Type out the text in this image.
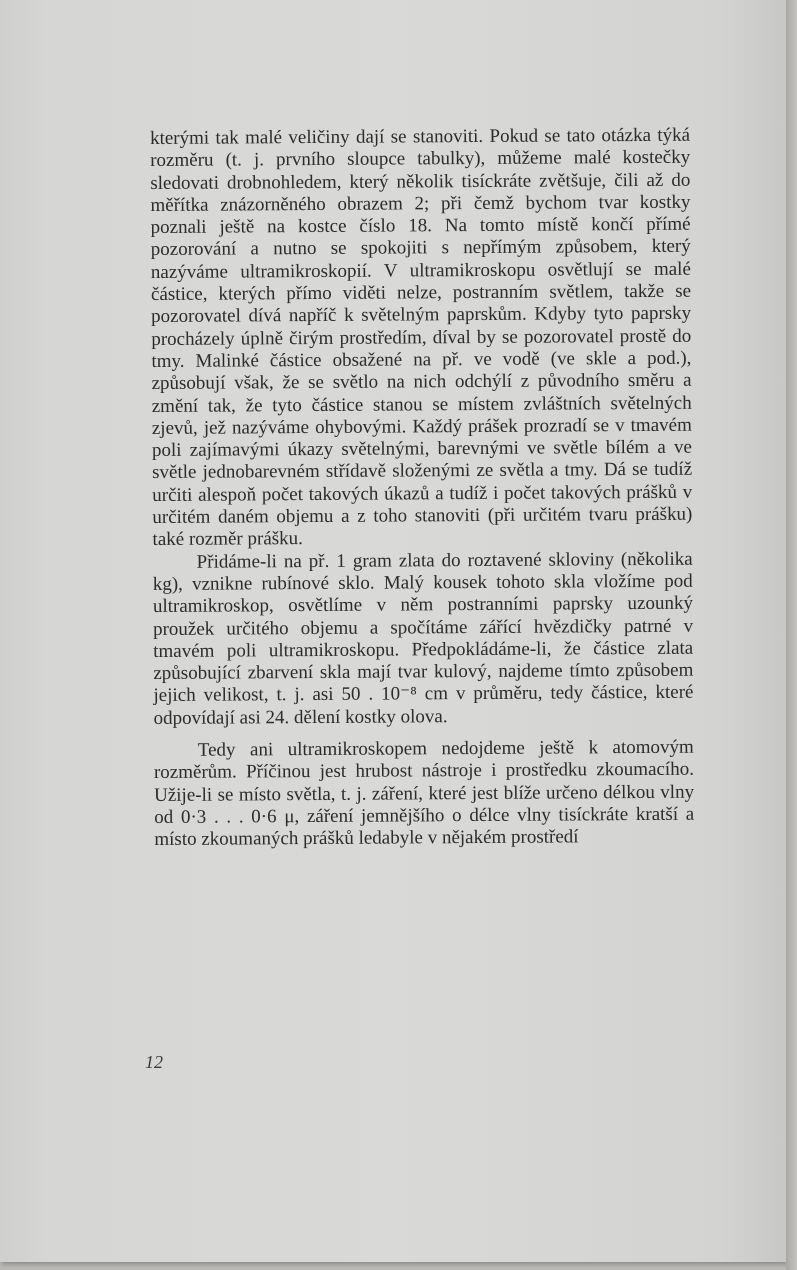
kterými tak malé veličiny dají se stanoviti. Pokud se tato otázka týká rozměru (t. j. prvního sloupce tabulky), můžeme malé kostečky sledovati drobnohledem, který několik tisíckráte zvětšuje, čili až do měřítka znázorněného obrazem 2; při čemž bychom tvar kostky poznali ještě na kostce číslo 18. Na tomto místě končí přímé pozorování a nutno se spokojiti s nepřímým způsobem, který nazýváme ultramikroskopií. V ultramikroskopu osvětlují se malé částice, kterých přímo viděti nelze, postranním světlem, takže se pozorovatel dívá napříč k světelným paprskům. Kdyby tyto paprsky procházely úplně čirým prostředím, díval by se pozorovatel prostě do tmy. Malinké částice obsažené na př. ve vodě (ve skle a pod.), způsobují však, že se světlo na nich odchýlí z původního směru a změní tak, že tyto částice stanou se místem zvláštních světelných zjevů, jež nazýváme ohybovými. Každý prášek prozradí se v tmavém poli zajímavými úkazy světelnými, barevnými ve světle bílém a ve světle jednobarevném střídavě složenými ze světla a tmy. Dá se tudíž určiti alespoň počet takových úkazů a tudíž i počet takových prášků v určitém daném objemu a z toho stanoviti (při určitém tvaru prášku) také rozměr prášku.

Přidáme-li na př. 1 gram zlata do roztavené skloviny (několika kg), vznikne rubínové sklo. Malý kousek tohoto skla vložíme pod ultramikroskop, osvětlíme v něm postranními paprsky uzounký proužek určitého objemu a spočítáme zářící hvězdičky patrné v tmavém poli ultramikroskopu. Předpokládáme-li, že částice zlata způsobující zbarvení skla mají tvar kulový, najdeme tímto způsobem jejich velikost, t. j. asi 50 . 10⁻⁸ cm v průměru, tedy částice, které odpovídají asi 24. dělení kostky olova.

Tedy ani ultramikroskopem nedojdeme ještě k atomovým rozměrům. Příčinou jest hrubost nástroje i prostředku zkoumacího. Užije-li se místo světla, t. j. záření, které jest blíže určeno délkou vlny od 0·3 . . . 0·6 μ, záření jemnějšího o délce vlny tisíckráte kratší a místo zkoumaných prášků ledabyle v nějakém prostředí

12
